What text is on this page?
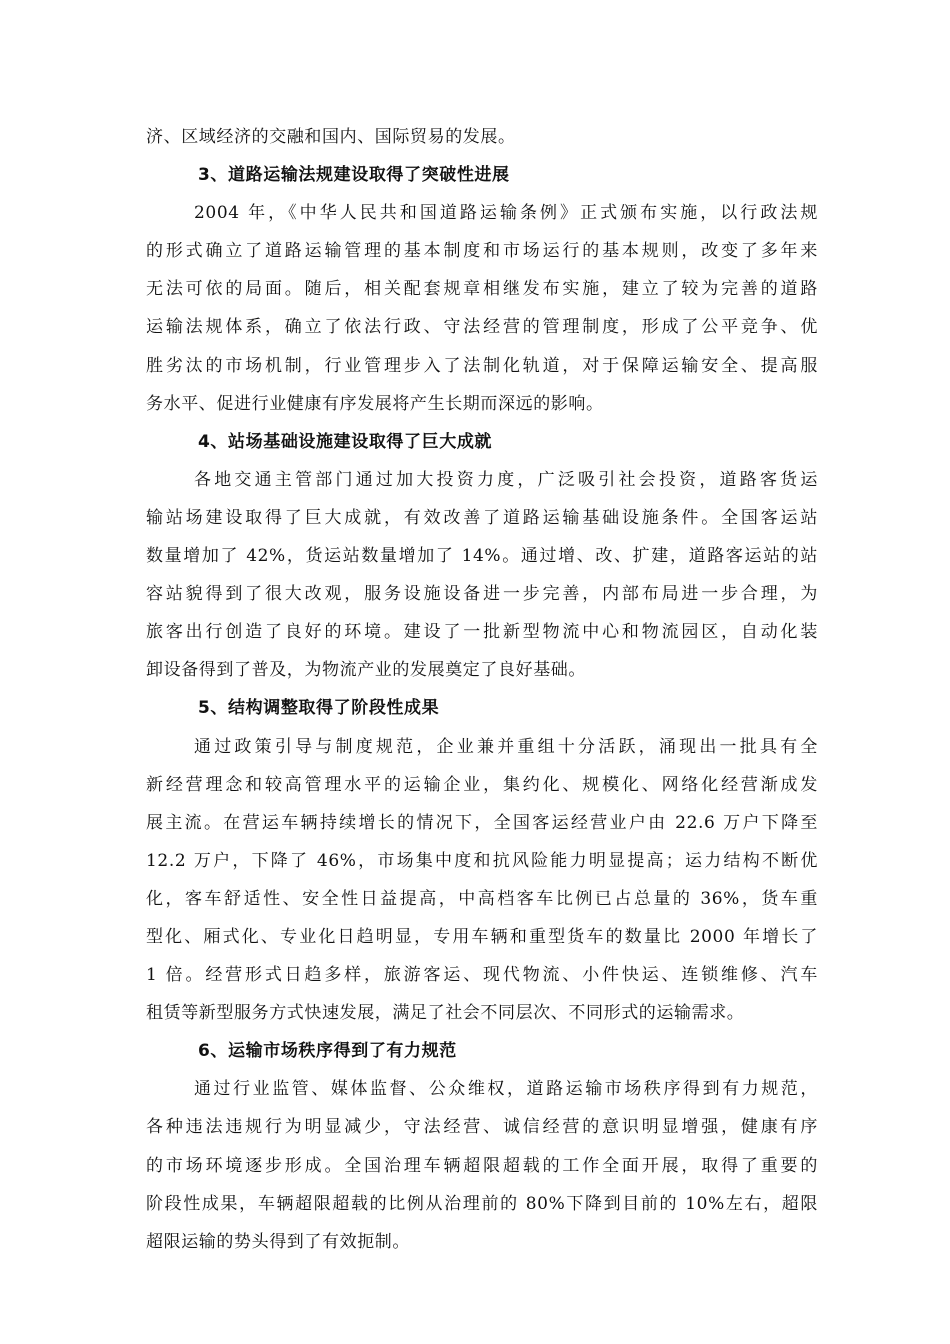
济、区域经济的交融和国内、国际贸易的发展。
3、道路运输法规建设取得了突破性进展
2004 年，《中华人民共和国道路运输条例》正式颁布实施，以行政法规
的形式确立了道路运输管理的基本制度和市场运行的基本规则，改变了多年来
无法可依的局面。随后，相关配套规章相继发布实施，建立了较为完善的道路
运输法规体系，确立了依法行政、守法经营的管理制度，形成了公平竞争、优
胜劣汰的市场机制，行业管理步入了法制化轨道，对于保障运输安全、提高服
务水平、促进行业健康有序发展将产生长期而深远的影响。
4、站场基础设施建设取得了巨大成就
各地交通主管部门通过加大投资力度，广泛吸引社会投资，道路客货运
输站场建设取得了巨大成就，有效改善了道路运输基础设施条件。全国客运站
数量增加了 42%，货运站数量增加了 14%。通过增、改、扩建，道路客运站的站
容站貌得到了很大改观，服务设施设备进一步完善，内部布局进一步合理，为
旅客出行创造了良好的环境。建设了一批新型物流中心和物流园区，自动化装
卸设备得到了普及，为物流产业的发展奠定了良好基础。
5、结构调整取得了阶段性成果
通过政策引导与制度规范，企业兼并重组十分活跃，涌现出一批具有全
新经营理念和较高管理水平的运输企业，集约化、规模化、网络化经营渐成发
展主流。在营运车辆持续增长的情况下，全国客运经营业户由 22.6 万户下降至
12.2 万户，下降了 46%，市场集中度和抗风险能力明显提高；运力结构不断优
化，客车舒适性、安全性日益提高，中高档客车比例已占总量的 36%，货车重
型化、厢式化、专业化日趋明显，专用车辆和重型货车的数量比 2000 年增长了
1 倍。经营形式日趋多样，旅游客运、现代物流、小件快运、连锁维修、汽车
租赁等新型服务方式快速发展，满足了社会不同层次、不同形式的运输需求。
6、运输市场秩序得到了有力规范
通过行业监管、媒体监督、公众维权，道路运输市场秩序得到有力规范，
各种违法违规行为明显减少，守法经营、诚信经营的意识明显增强，健康有序
的市场环境逐步形成。全国治理车辆超限超载的工作全面开展，取得了重要的
阶段性成果，车辆超限超载的比例从治理前的 80%下降到目前的 10%左右，超限
超限运输的势头得到了有效扼制。
